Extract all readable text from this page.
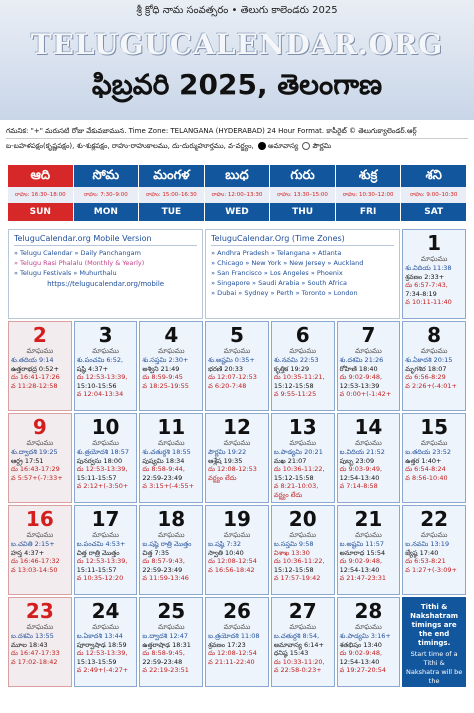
శ్రీ క్రోధి నామ సంవత్సరం • తెలుగు కాలెండరు 2025
TELUGUCALENDAR.ORG
ఫిబ్రవరి 2025, తెలంగాణ
గమనిక: "+" మరుసటి రోజు వేకువజామున. Time Zone: TELANGANA (HYDERABAD) 24 Hour Format. కాపీరైట్ © తెలుగుక్యాలెండర్.ఆర్గ్
బ-బహళపక్షం(కృష్ణపక్షం), శు-శుక్లపక్షం, రాహు-రాహుకాలము, దు-దుర్ముహూర్తము, వ-వర్జ్యం, అమావాస్య పౌర్ణమి
ఆది
రాహు: 16:30–18:00
SUN
సోమ
రాహు: 7:30–9:00
MON
మంగళ
రాహు: 15:00–16:30
TUE
బుధ
రాహు: 12:00–13:30
WED
గురు
రాహు: 13:30–15:00
THU
శుక్ర
రాహు: 10:30–12:00
FRI
శని
రాహు: 9:00–10:30
SAT
TeluguCalendar.org Mobile Version
» Telugu Calendar » Daily Panchangam
» Telugu Rasi Phalalu (Monthly & Yearly)
» Telugu Festivals » Muhurthalu
https://telugucalendar.org/mobile
TeluguCalendar.Org (Time Zones)
» Andhra Pradesh » Telangana » Atlanta
» Chicago » New York » New Jersey » Auckland
» San Francisco » Los Angeles » Phoenix
» Singapore » Saudi Arabia » South Africa
» Dubai » Sydney » Perth » Toronto » London
1
మాఘము
శు.విదియ 11:38
శ్రవణం 2:33+
దు 6:57-7:43,
7:34-8:19
వ 10:11-11:40
2
మాఘము
శు.తదియ 9:14
ఉత్తరాభద్ర 0:52+
దు 16:41-17:26
వ 11:28-12:58
3
మాఘము
శు.పంచమి 6:52,
షష్ఠి 4:37+
దు 12:53-13:39,
15:10-15:56
వ 12:04-13:34
4
మాఘము
శు.సప్తమి 2:30+
అశ్విని 21:49
దు 8:59-9:45
వ 18:25-19:55
5
మాఘము
శు.అష్టమి 0:35+
భరణి 20:33
దు 12:07-12:53
వ 6:20-7:48
6
మాఘము
శు.నవమి 22:53
కృత్తిక 19:29
దు 10:35-11:21,
15:12-15:58
వ 9:55-11:25
7
మాఘము
శు.దశమి 21:26
రోహిణి 18:40
దు 9:02-9:48,
12:53-13:39
వ 0:00+(-1:42+
8
మాఘము
శు.ఏకాదశి 20:15
మృగశిర 18:07
దు 6:56-8:29
వ 2:26+(-4:01+
9
మాఘము
శు.ద్వాదశి 19:25
ఆర్ద్ర 17:51
దు 16:43-17:29
వ 5:57+(-7:33+
10
మాఘము
శు.త్రయోదశి 18:57
పునర్వసు 18:00
దు 12:53-13:39,
15:11-15:57
వ 2:12+(-3:50+
11
మాఘము
శు.చతుర్దశి 18:55
పుష్యమి 18:34
దు 8:58-9:44,
22:59-23:49
వ 3:15+(-4:55+
12
మాఘము
పౌర్ణమి 19:22
ఆశ్లేష 19:35
దు 12:08-12:53
వర్జ్యం లేదు
13
మాఘము
బ.పాడ్యమి 20:21
మఖ 21:07
దు 10:36-11:22,
15:12-15:58
వ 8:21-10:03,
వర్జ్యం లేదు
14
మాఘము
బ.విదియ 21:52
పుబ్బ 23:09
దు 9:03-9:49,
12:54-13:40
వ 7:14-8:58
15
మాఘము
బ.తదియ 23:52
ఉత్తర 1:40+
దు 6:54-8:24
వ 8:56-10:40
16
మాఘము
బ.చవితి 2:15+
హస్త 4:37+
దు 16:46-17:32
వ 13:03-14:50
17
మాఘము
బ.పంచమి 4:53+
చిత్త రాత్రి మొత్తం
దు 12:53-13:39,
15:11-15:57
వ 10:35-12:20
18
మాఘము
బ.షష్ఠి రాత్రి మొత్తం
చిత్త 7:35
దు 8:57-9:43,
22:59-23:49
వ 11:59-13:46
19
మాఘము
బ.షష్ఠి 7:32
స్వాతి 10:40
దు 12:08-12:54
వ 16:56-18:42
20
మాఘము
బ.సప్తమి 9:58
విశాఖ 13:30
దు 10:36-11:22,
15:12-15:58
వ 17:57-19:42
21
మాఘము
బ.అష్టమి 11:57
అనూరాధ 15:54
దు 9:02-9:48,
12:54-13:40
వ 21:47-23:31
22
మాఘము
బ.నవమి 13:19
జ్యేష్ఠ 17:40
దు 6:53-8:21
వ 1:27+(-3:09+
23
మాఘము
బ.దశమి 13:55
మూల 18:43
దు 16:47-17:33
వ 17:02-18:42
24
మాఘము
బ.ఏకాదశి 13:44
పూర్వాషాఢ 18:59
దు 12:53-13:39,
15:13-15:59
వ 2:49+(-4:27+
25
మాఘము
బ.ద్వాదశి 12:47
ఉత్తరాషాఢ 18:31
దు 8:58-9:45,
22:59-23:48
వ 22:19-23:51
26
మాఘము
బ.త్రయోదశి 11:08
శ్రవణం 17:23
దు 12:08-12:54
వ 21:11-22:40
27
మాఘము
బ.చతుర్దశి 8:54,
అమావాస్య 6:14+
ధనిష్ఠ 15:43
దు 10:33-11:20,
వ 22:58-0:23+
28
మాఘము
శు.పాడ్యమి 3:16+
శతభిషం 13:40
దు 9:02-9:48,
12:54-13:40
వ 19:27-20:54
Tithi & Nakshatram timings are the end timings.
Start time of a Tithi &
Nakshatra will be the
end time of
the previous Tithi
& Nakshatram.
